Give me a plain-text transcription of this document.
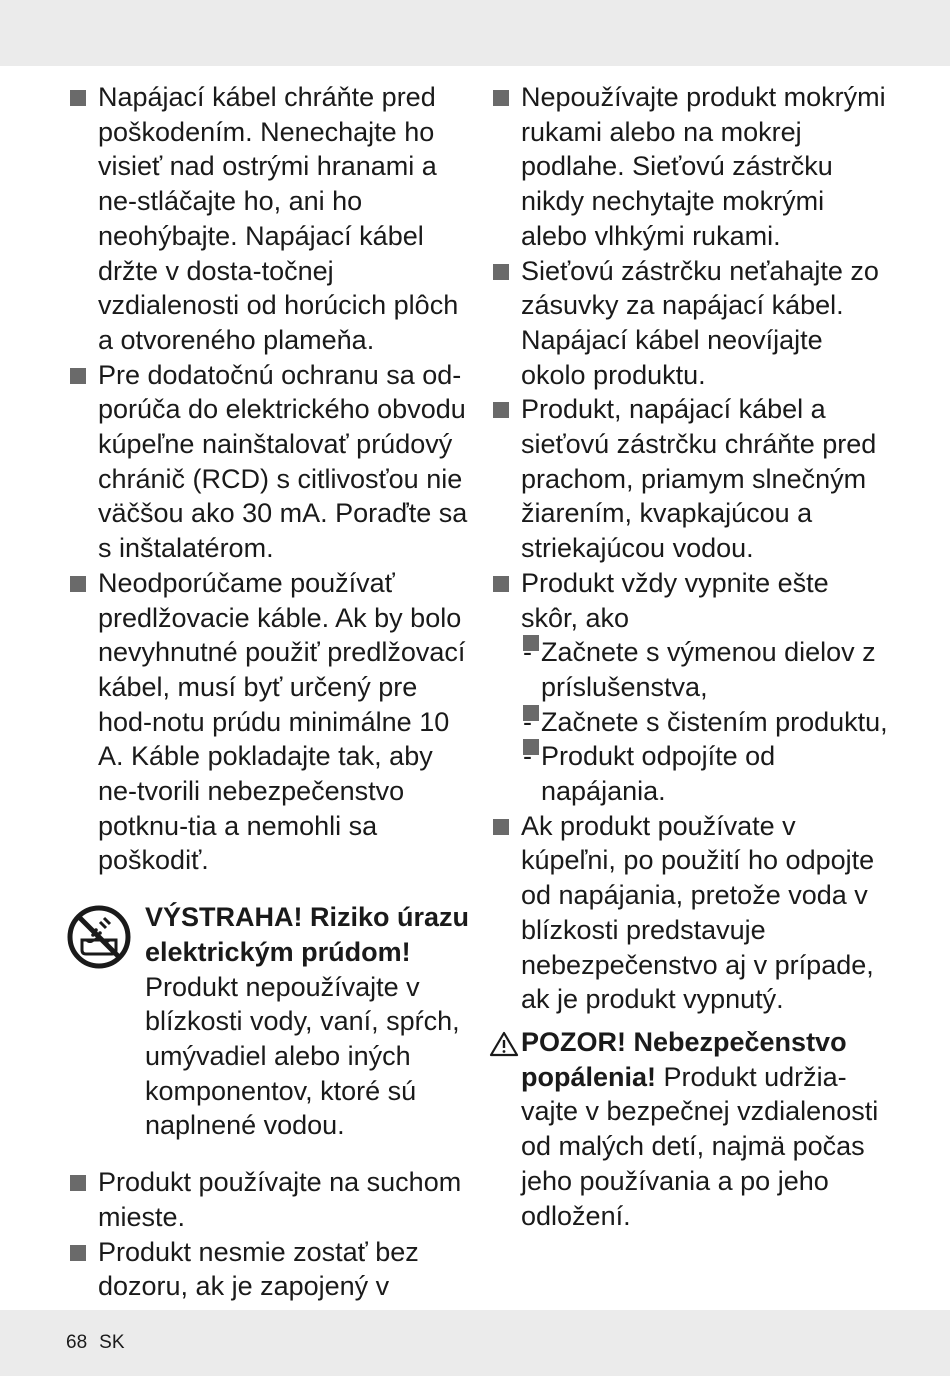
Napájací kábel chráňte pred poškodením. Nenechajte ho visieť nad ostrými hranami a ne-stláčajte ho, ani ho neohýbajte. Napájací kábel držte v dosta-točnej vzdialenosti od horúcich plôch a otvoreného plameňa.
Pre dodatočnú ochranu sa od-porúča do elektrického obvodu kúpeľne nainštalovať prúdový chránič (RCD) s citlivosťou nie väčšou ako 30 mA. Poraďte sa s inštalatérom.
Neodporúčame používať predlžovacie káble. Ak by bolo nevyhnutné použiť predlžovací kábel, musí byť určený pre hod-notu prúdu minimálne 10 A. Káble pokladajte tak, aby ne-tvorili nebezpečenstvo potknu-tia a nemohli sa poškodiť.
VÝSTRAHA! Riziko úrazu elektrickým prúdom! Produkt nepoužívajte v blízkosti vody, vaní, spŕch, umývadiel alebo iných komponentov, ktoré sú naplnené vodou.
Produkt používajte na suchom mieste.
Produkt nesmie zostať bez dozoru, ak je zapojený v
Nepoužívajte produkt mokrými rukami alebo na mokrej podlahe. Sieťovú zástrčku nikdy nechytajte mokrými alebo vlhkými rukami.
Sieťovú zástrčku neťahajte zo zásuvky za napájací kábel. Napájací kábel neovíjajte okolo produktu.
Produkt, napájací kábel a sieťovú zástrčku chráňte pred prachom, priamym slnečným žiarením, kvapkajúcou a striekajúcou vodou.
Produkt vždy vypnite ešte skôr, ako
- Začnete s výmenou dielov z príslušenstva,
- Začnete s čistením produktu,
- Produkt odpojíte od napájania.
Ak produkt používate v kúpeľni, po použití ho odpojte od napájania, pretože voda v blízkosti predstavuje nebezpečenstvo aj v prípade, ak je produkt vypnutý.
POZOR! Nebezpečenstvo popálenia! Produkt udržia-vajte v bezpečnej vzdialenosti od malých detí, najmä počas jeho používania a po jeho odložení.
68 SK
